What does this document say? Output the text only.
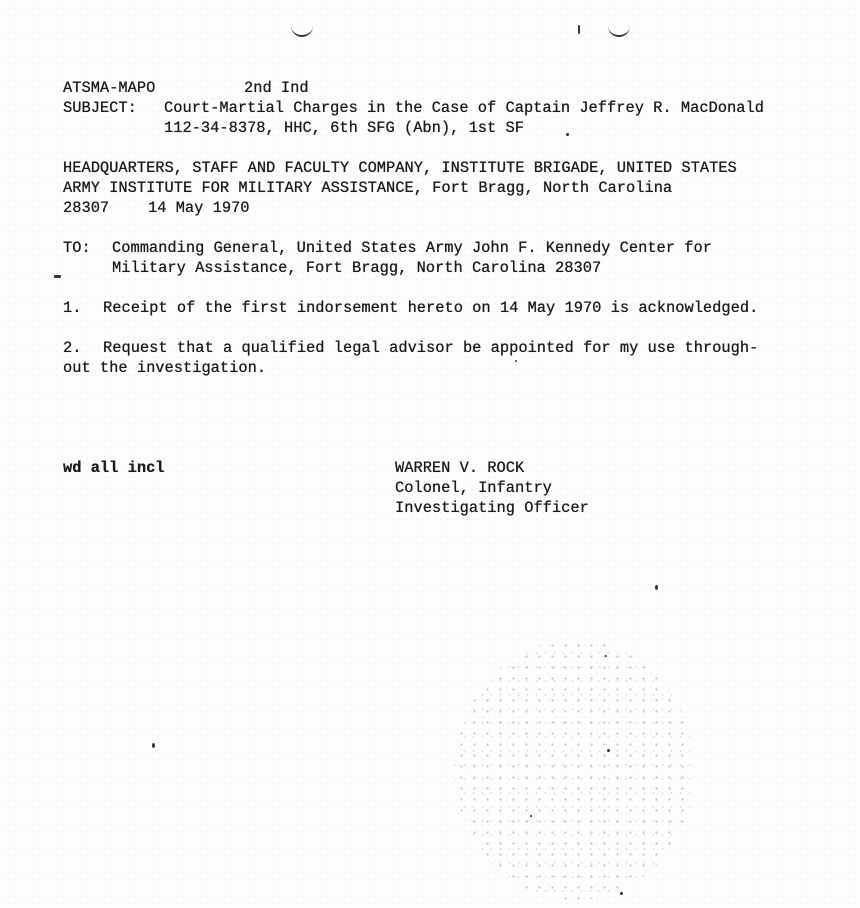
ATSMA-MAPO	2nd Ind
SUBJECT: Court-Martial Charges in the Case of Captain Jeffrey R. MacDonald
112-34-8378, HHC, 6th SFG (Abn), 1st SF
HEADQUARTERS, STAFF AND FACULTY COMPANY, INSTITUTE BRIGADE, UNITED STATES
ARMY INSTITUTE FOR MILITARY ASSISTANCE, Fort Bragg, North Carolina
28307	14 May 1970
TO: Commanding General, United States Army John F. Kennedy Center for
Military Assistance, Fort Bragg, North Carolina 28307
1. Receipt of the first indorsement hereto on 14 May 1970 is acknowledged.
2. Request that a qualified legal advisor be appointed for my use through-
out the investigation.
wd all incl	WARREN V. ROCK
Colonel, Infantry
Investigating Officer
